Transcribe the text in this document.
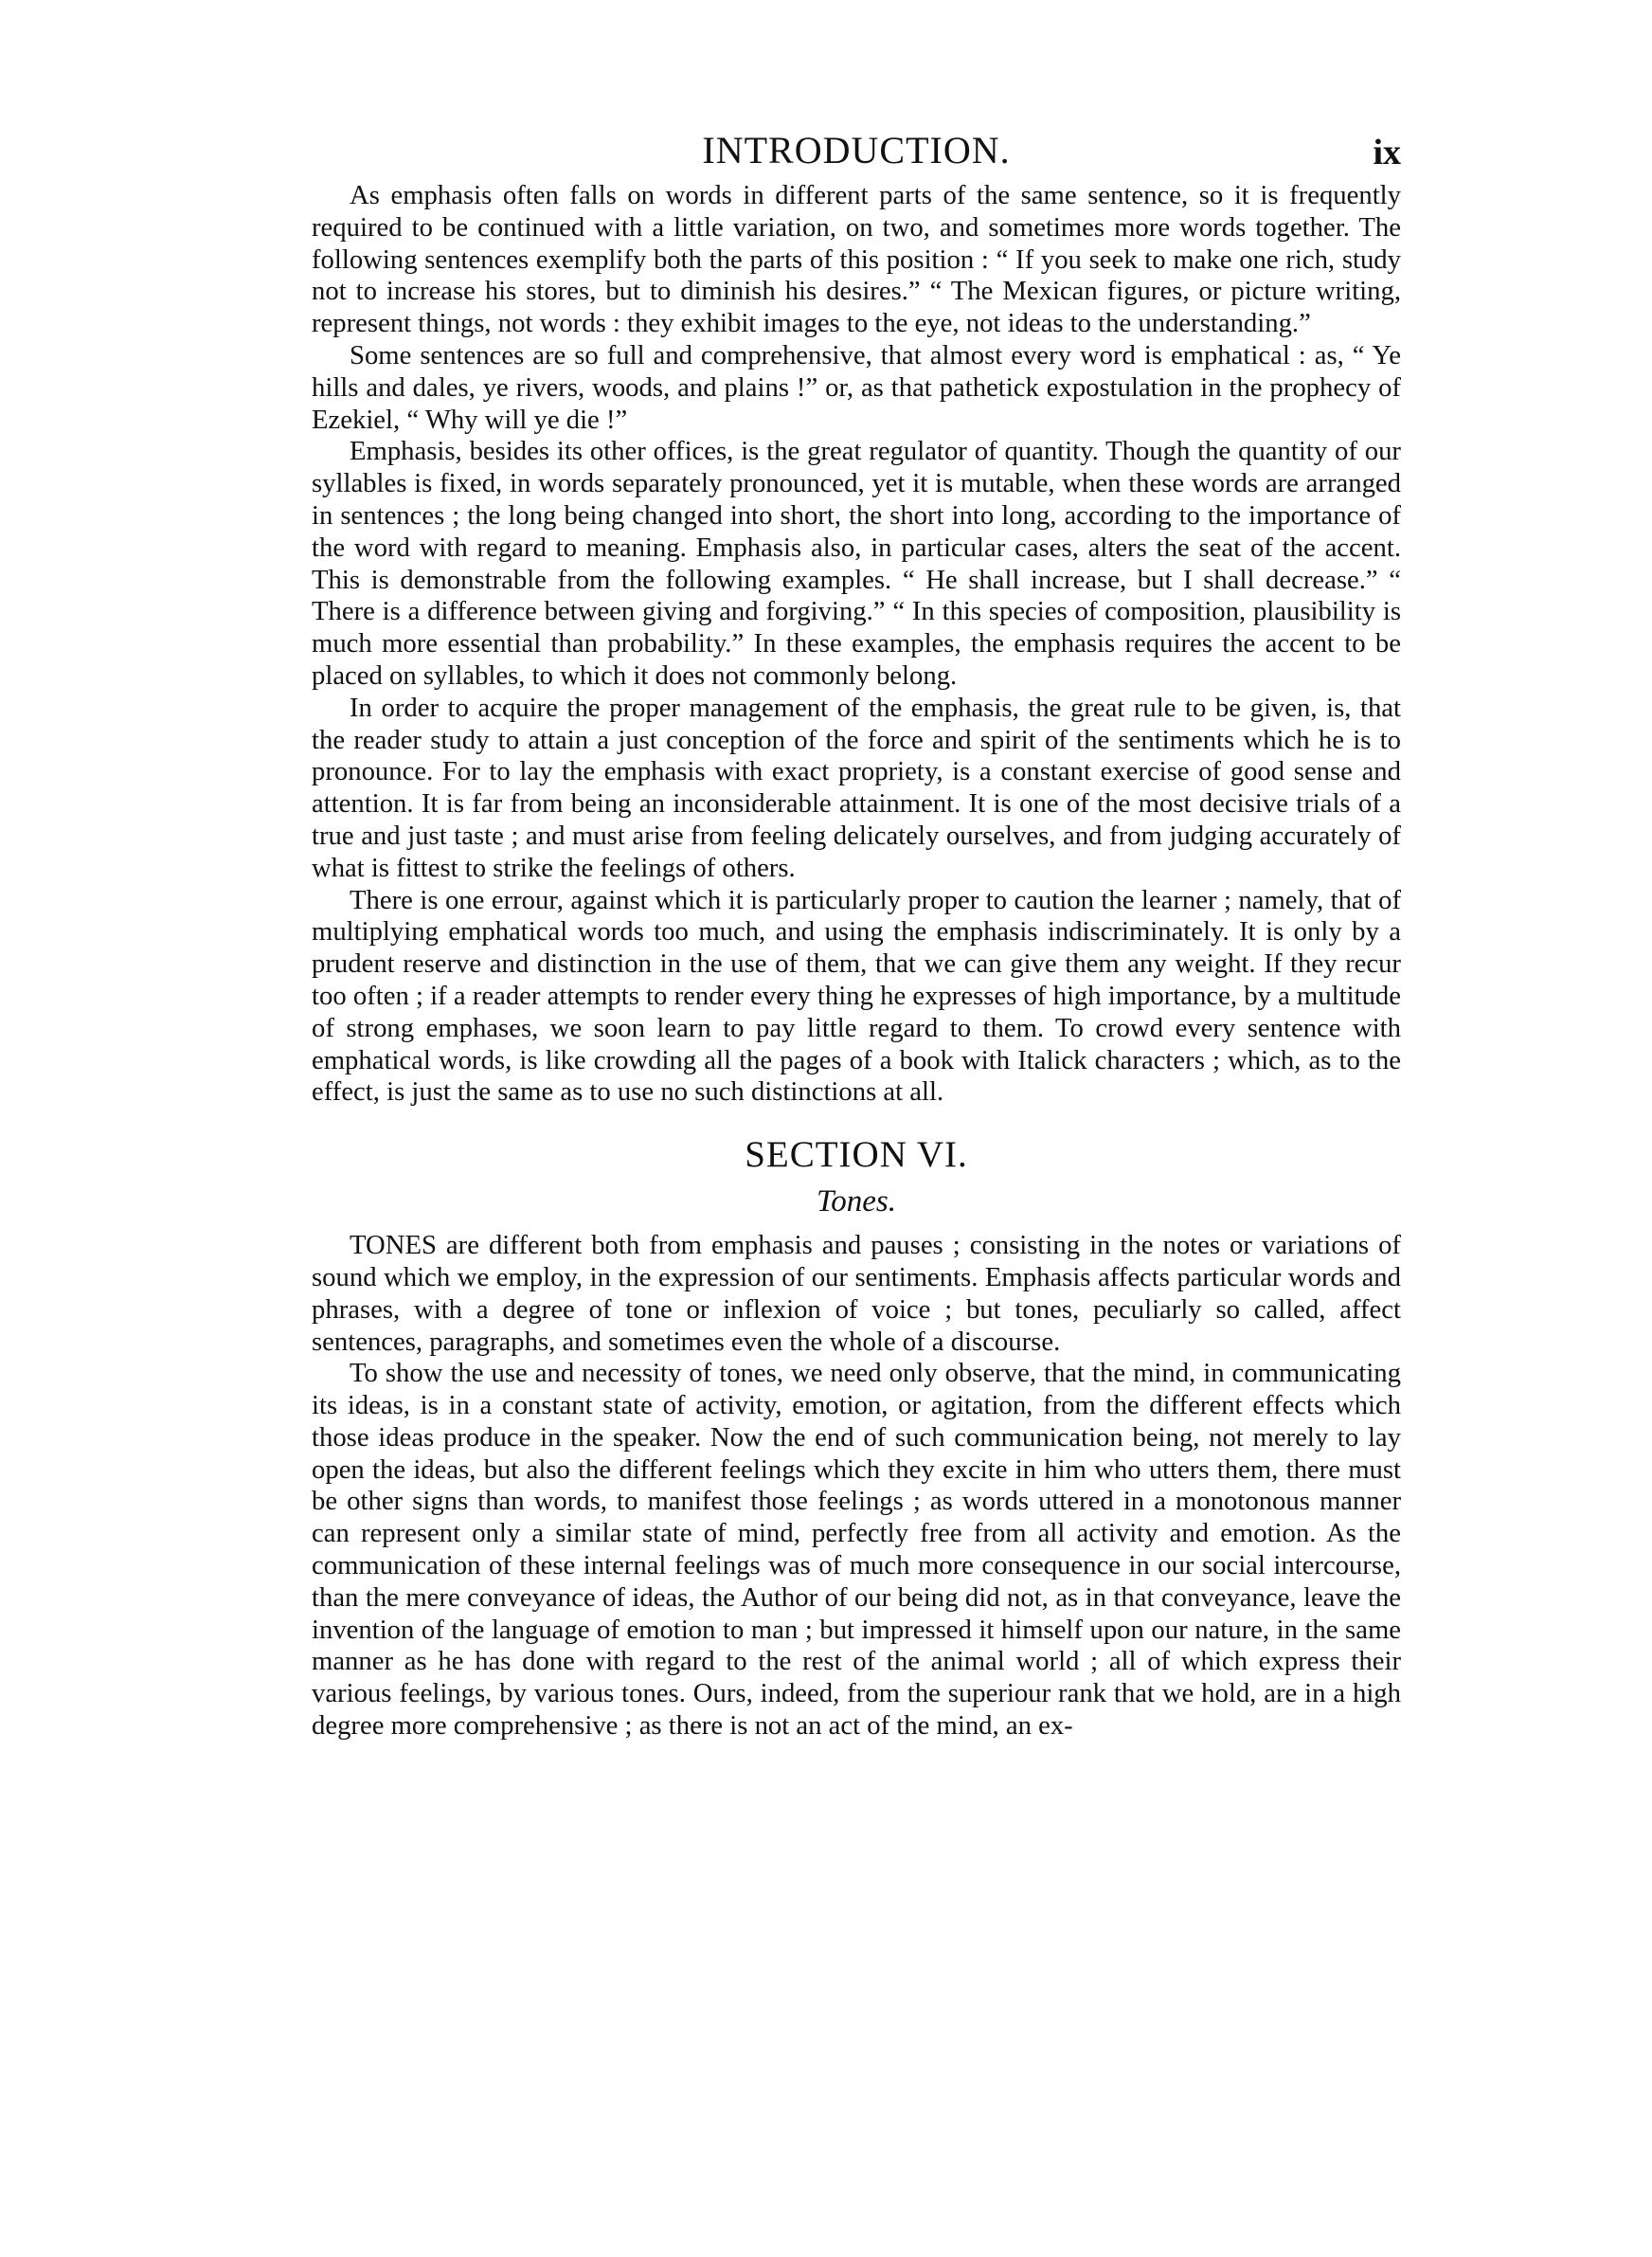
INTRODUCTION.	ix

As emphasis often falls on words in different parts of the same sentence, so it is frequently required to be continued with a little variation, on two, and sometimes more words together. The following sentences exemplify both the parts of this position : “ If you seek to make one rich, study not to increase his stores, but to diminish his desires.” “ The Mexican figures, or picture writing, represent things, not words : they exhibit images to the eye, not ideas to the understanding.”

Some sentences are so full and comprehensive, that almost every word is emphatical : as, “ Ye hills and dales, ye rivers, woods, and plains !” or, as that pathetick expostulation in the prophecy of Ezekiel, “ Why will ye die !”

Emphasis, besides its other offices, is the great regulator of quantity. Though the quantity of our syllables is fixed, in words separately pronounced, yet it is mutable, when these words are arranged in sentences ; the long being changed into short, the short into long, according to the importance of the word with regard to meaning. Emphasis also, in particular cases, alters the seat of the accent. This is demonstrable from the following examples. “ He shall increase, but I shall decrease.” “ There is a difference between giving and forgiving.” “ In this species of composition, plausibility is much more essential than probability.” In these examples, the emphasis requires the accent to be placed on syllables, to which it does not commonly belong.

In order to acquire the proper management of the emphasis, the great rule to be given, is, that the reader study to attain a just conception of the force and spirit of the sentiments which he is to pronounce. For to lay the emphasis with exact propriety, is a constant exercise of good sense and attention. It is far from being an inconsiderable attainment. It is one of the most decisive trials of a true and just taste ; and must arise from feeling delicately ourselves, and from judging accurately of what is fittest to strike the feelings of others.

There is one errour, against which it is particularly proper to caution the learner ; namely, that of multiplying emphatical words too much, and using the emphasis indiscriminately. It is only by a prudent reserve and distinction in the use of them, that we can give them any weight. If they recur too often ; if a reader attempts to render every thing he expresses of high importance, by a multitude of strong emphases, we soon learn to pay little regard to them. To crowd every sentence with emphatical words, is like crowding all the pages of a book with Italick characters ; which, as to the effect, is just the same as to use no such distinctions at all.

SECTION VI.
Tones.

TONES are different both from emphasis and pauses ; consisting in the notes or variations of sound which we employ, in the expression of our sentiments. Emphasis affects particular words and phrases, with a degree of tone or inflexion of voice ; but tones, peculiarly so called, affect sentences, paragraphs, and sometimes even the whole of a discourse.

To show the use and necessity of tones, we need only observe, that the mind, in communicating its ideas, is in a constant state of activity, emotion, or agitation, from the different effects which those ideas produce in the speaker. Now the end of such communication being, not merely to lay open the ideas, but also the different feelings which they excite in him who utters them, there must be other signs than words, to manifest those feelings ; as words uttered in a monotonous manner can represent only a similar state of mind, perfectly free from all activity and emotion. As the communication of these internal feelings was of much more consequence in our social intercourse, than the mere conveyance of ideas, the Author of our being did not, as in that conveyance, leave the invention of the language of emotion to man ; but impressed it himself upon our nature, in the same manner as he has done with regard to the rest of the animal world ; all of which express their various feelings, by various tones. Ours, indeed, from the superiour rank that we hold, are in a high degree more comprehensive ; as there is not an act of the mind, an ex-
